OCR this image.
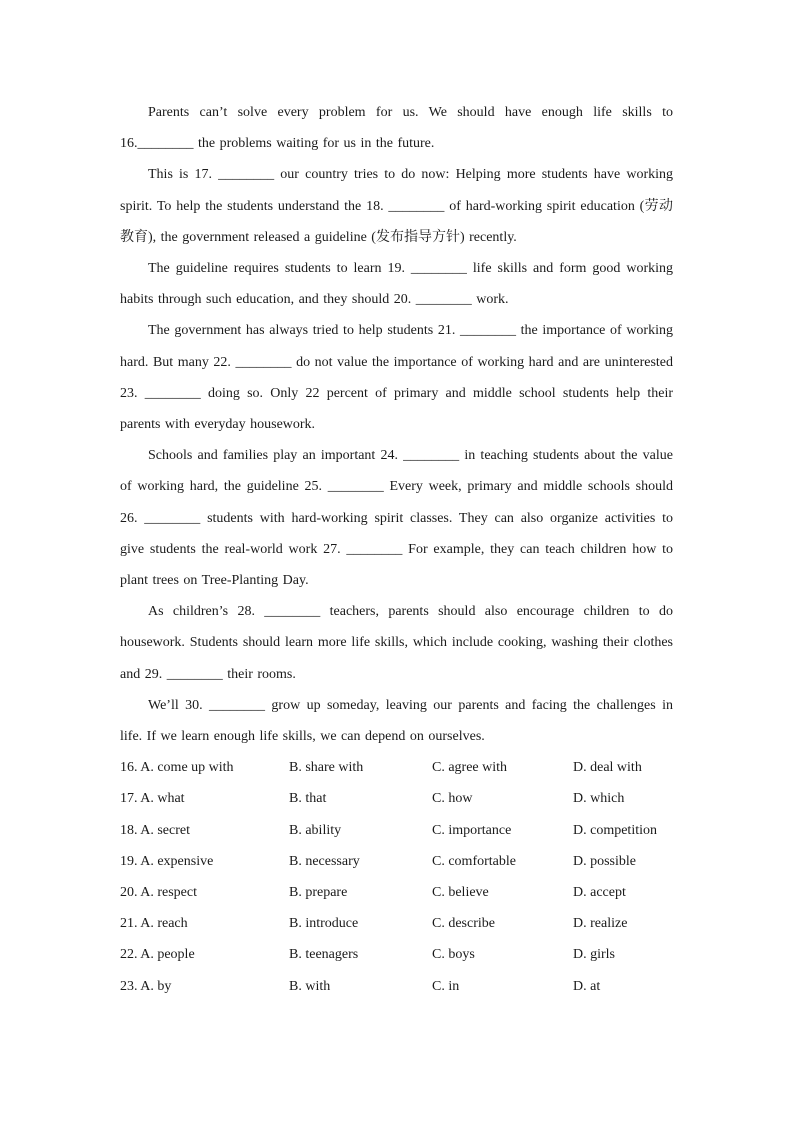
Parents can’t solve every problem for us. We should have enough life skills to 16.________ the problems waiting for us in the future.

This is 17. ________ our country tries to do now: Helping more students have working spirit. To help the students understand the 18. ________ of hard-working spirit education (劳动教育), the government released a guideline (发布指导方针) recently.

The guideline requires students to learn 19. ________ life skills and form good working habits through such education, and they should 20. ________ work.

The government has always tried to help students 21. ________ the importance of working hard. But many 22. ________ do not value the importance of working hard and are uninterested 23. ________ doing so. Only 22 percent of primary and middle school students help their parents with everyday housework.

Schools and families play an important 24. ________ in teaching students about the value of working hard, the guideline 25. ________ Every week, primary and middle schools should 26. ________ students with hard-working spirit classes. They can also organize activities to give students the real-world work 27. ________ For example, they can teach children how to plant trees on Tree-Planting Day.

As children’s 28. ________ teachers, parents should also encourage children to do housework. Students should learn more life skills, which include cooking, washing their clothes and 29. ________ their rooms.

We’ll 30. ________ grow up someday, leaving our parents and facing the challenges in life. If we learn enough life skills, we can depend on ourselves.

16. A. come up with	B. share with	C. agree with	D. deal with
17. A. what	B. that	C. how	D. which
18. A. secret	B. ability	C. importance	D. competition
19. A. expensive	B. necessary	C. comfortable	D. possible
20. A. respect	B. prepare	C. believe	D. accept
21. A. reach	B. introduce	C. describe	D. realize
22. A. people	B. teenagers	C. boys	D. girls
23. A. by	B. with	C. in	D. at
